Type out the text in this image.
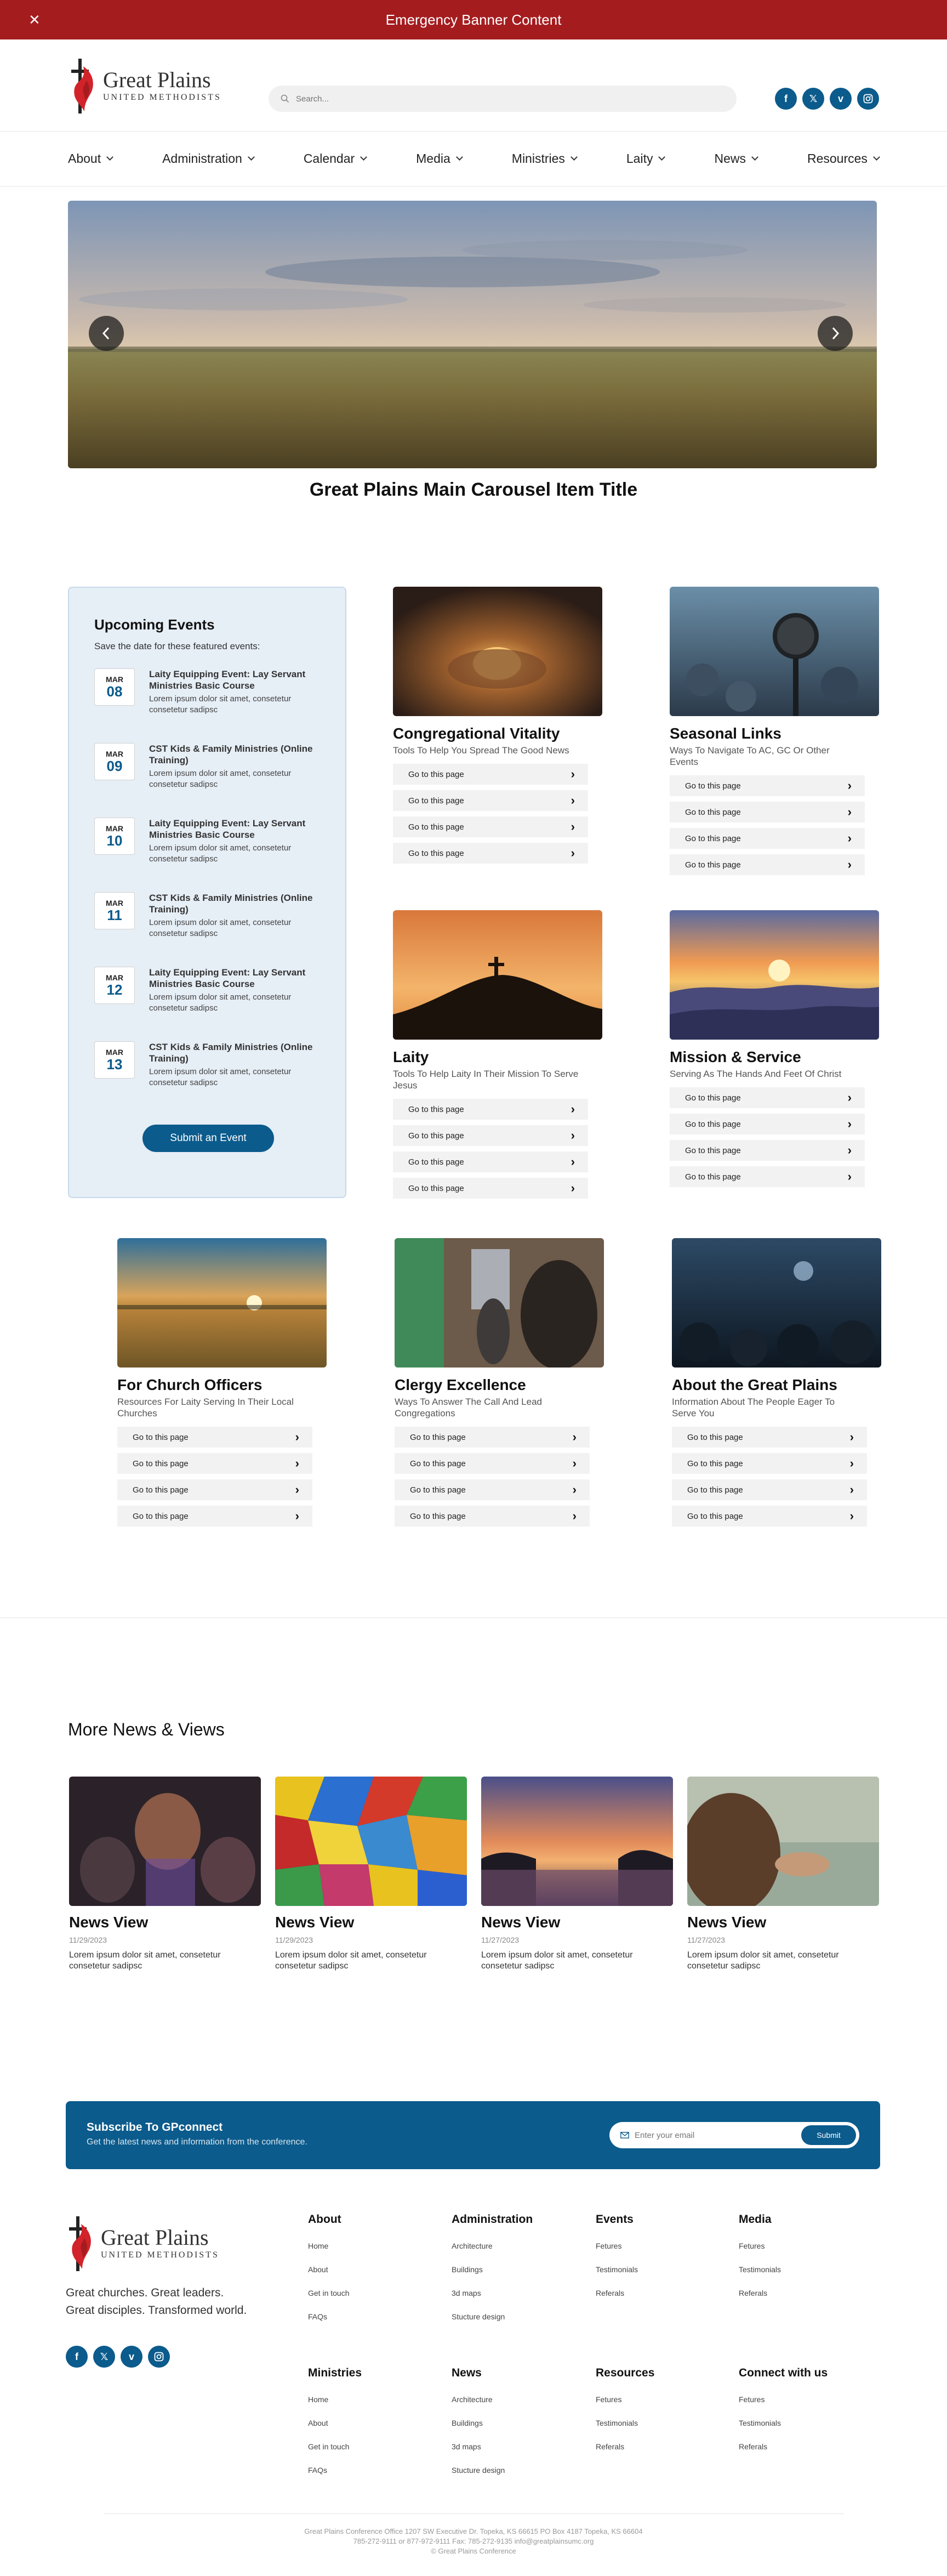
✕	Emergency Banner Content
Great Plains
UNITED METHODISTS
Search...	f	𝕏	v
About	Administration	Calendar	Media	Ministries	Laity	News	Resources
Great Plains Main Carousel Item Title
Upcoming Events
Save the date for these featured events:
MAR
08
Laity Equipping Event: Lay Servant Ministries Basic Course
Lorem ipsum dolor sit amet, consetetur consetetur sadipsc
MAR
09
CST Kids & Family Ministries (Online Training)
Lorem ipsum dolor sit amet, consetetur consetetur sadipsc
MAR
10
Laity Equipping Event: Lay Servant Ministries Basic Course
Lorem ipsum dolor sit amet, consetetur consetetur sadipsc
MAR
11
CST Kids & Family Ministries (Online Training)
Lorem ipsum dolor sit amet, consetetur consetetur sadipsc
MAR
12
Laity Equipping Event: Lay Servant Ministries Basic Course
Lorem ipsum dolor sit amet, consetetur consetetur sadipsc
MAR
13
CST Kids & Family Ministries (Online Training)
Lorem ipsum dolor sit amet, consetetur consetetur sadipsc
Submit an Event
Congregational Vitality
Tools To Help You Spread The Good News
Go to this page	›
Go to this page	›
Go to this page	›
Go to this page	›
Seasonal Links
Ways To Navigate To AC, GC Or Other Events
Go to this page	›
Go to this page	›
Go to this page	›
Go to this page	›
Laity
Tools To Help Laity In Their Mission To Serve Jesus
Go to this page	›
Go to this page	›
Go to this page	›
Go to this page	›
Mission & Service
Serving As The Hands And Feet Of Christ
Go to this page	›
Go to this page	›
Go to this page	›
Go to this page	›
For Church Officers
Resources For Laity Serving In Their Local Churches
Go to this page	›
Go to this page	›
Go to this page	›
Go to this page	›
Clergy Excellence
Ways To Answer The Call And Lead Congregations
Go to this page	›
Go to this page	›
Go to this page	›
Go to this page	›
About the Great Plains
Information About The People Eager To Serve You
Go to this page	›
Go to this page	›
Go to this page	›
Go to this page	›
More News & Views
News View
11/29/2023
Lorem ipsum dolor sit amet, consetetur consetetur sadipsc
News View
11/29/2023
Lorem ipsum dolor sit amet, consetetur consetetur sadipsc
News View
11/27/2023
Lorem ipsum dolor sit amet, consetetur consetetur sadipsc
News View
11/27/2023
Lorem ipsum dolor sit amet, consetetur consetetur sadipsc
Subscribe To GPconnect

Get the latest news and information from the conference.

Enter your email
Submit
Great Plains
UNITED METHODISTS
Great churches. Great leaders.
Great disciples. Transformed world.
f	𝕏	v
About
Home
About
Get in touch
FAQs
Administration
Architecture
Buildings
3d maps
Stucture design
Events
Fetures
Testimonials
Referals
Media
Fetures
Testimonials
Referals
Ministries
Home
About
Get in touch
FAQs
News
Architecture
Buildings
3d maps
Stucture design
Resources
Fetures
Testimonials
Referals
Connect with us
Fetures
Testimonials
Referals
Great Plains Conference Office 1207 SW Executive Dr. Topeka, KS 66615 PO Box 4187 Topeka, KS 66604
785-272-9111 or 877-972-9111 Fax: 785-272-9135 info@greatplainsumc.org
© Great Plains Conference
